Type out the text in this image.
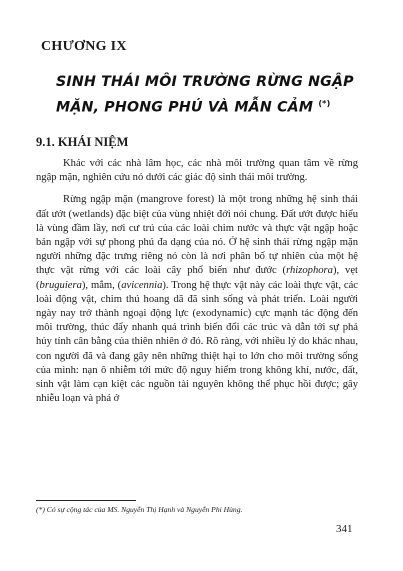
CHƯƠNG IX
SINH THÁI MÔI TRƯỜNG RỪNG NGẬP
MẶN, PHONG PHÚ VÀ MẪN CẢM (*)
9.1. KHÁI NIỆM

Khác với các nhà lâm học, các nhà môi trường quan tâm về rừng ngập mặn, nghiên cứu nó dưới các giác độ sinh thái môi trường.

Rừng ngập mặn (mangrove forest) là một trong những hệ sinh thái đất ướt (wetlands) đặc biệt của vùng nhiệt đới nói chung. Đất ướt được hiểu là vùng đầm lầy, nơi cư trú của các loài chim nước và thực vật ngập hoặc bán ngập với sự phong phú đa dạng của nó. Ở hệ sinh thái rừng ngập mặn người những đặc trưng riêng nó còn là nơi phân bố tự nhiên của một hệ thực vật rừng với các loài cây phổ biến như đước (rhizophora), vẹt (bruguiera), mắm, (avicennia). Trong hệ thực vật này các loài thực vật, các loài động vật, chim thú hoang dã đã sinh sống và phát triển. Loài người ngày nay trở thành ngoại động lực (exodynamic) cực mạnh tác động đến môi trường, thúc đẩy nhanh quá trình biến đổi các trúc và dẫn tới sự phá hủy tính cân bằng của thiên nhiên ở đó. Rõ ràng, với nhiều lý do khác nhau, con người đã và đang gây nên những thiệt hại to lớn cho môi trường sống của mình: nạn ô nhiễm tới mức độ nguy hiểm trong không khí, nước, đất, sinh vật làm cạn kiệt các nguồn tài nguyên không thể phục hồi được; gây nhiễu loạn và phá ở

(*) Có sự cộng tác của MS. Nguyễn Thị Hạnh và Nguyễn Phi Hùng.
341
